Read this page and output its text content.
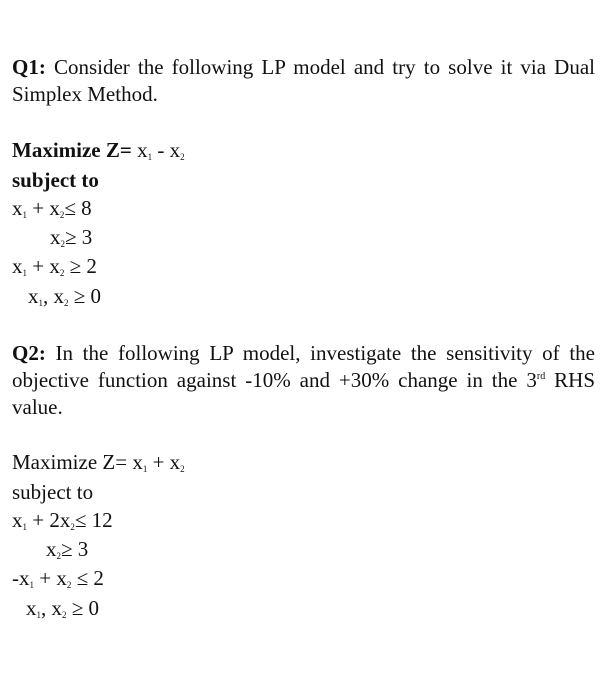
Q1: Consider the following LP model and try to solve it via Dual Simplex Method.
Maximize $Z= x_1 - x_2$
subject to
$x_1 + x_2\le 8$
$x_2\ge 3$
$x_1 + x_2 \ge 2$
$x_1$, $x_2 \ge 0$
Q2: In the following LP model, investigate the sensitivity of the objective function against -10% and +30% change in the 3rd RHS value.
Maximize $Z= x_1 + x_2$
subject to
$x_1 + 2x_2\le 12$
$x_2\ge 3$
$-x_1 + x_2 \le 2$
$x_1$, $x_2 \ge 0$
